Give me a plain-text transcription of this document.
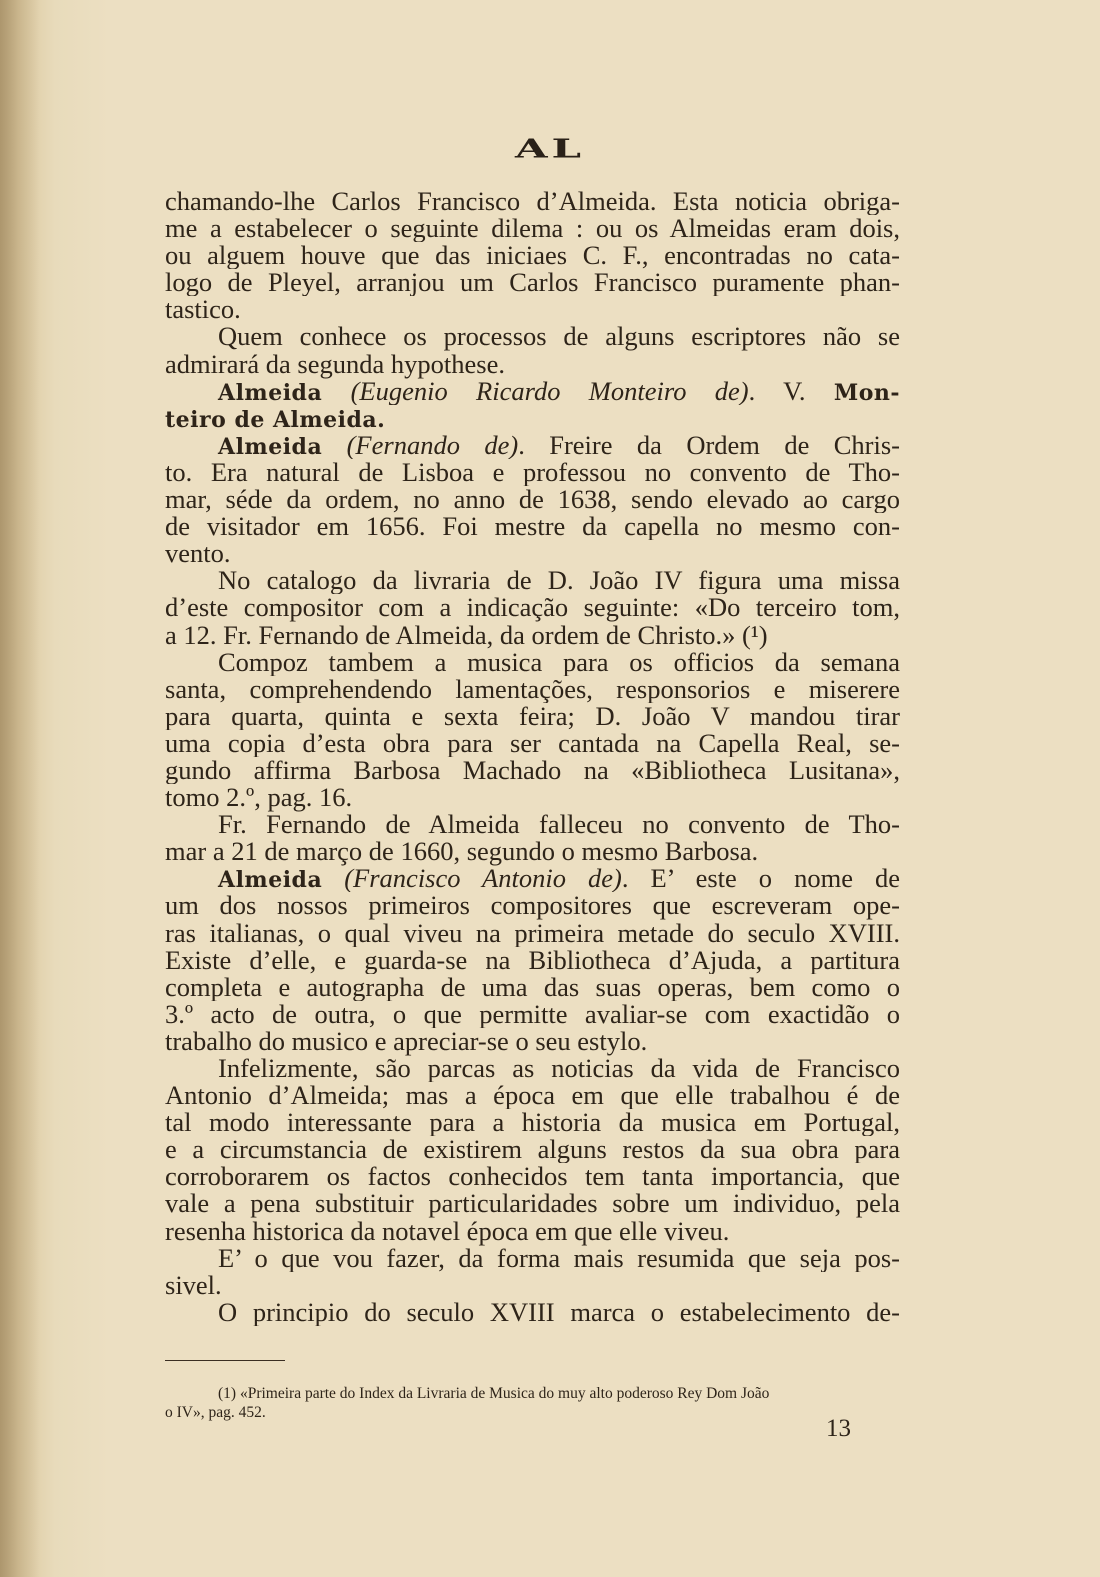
AL
chamando-lhe Carlos Francisco d’Almeida. Esta noticia obriga-
me a estabelecer o seguinte dilema : ou os Almeidas eram dois,
ou alguem houve que das iniciaes C. F., encontradas no cata-
logo de Pleyel, arranjou um Carlos Francisco puramente phan-
tastico.
Quem conhece os processos de alguns escriptores não se
admirará da segunda hypothese.
Almeida (Eugenio Ricardo Monteiro de). V. Mon-
teiro de Almeida.
Almeida (Fernando de). Freire da Ordem de Chris-
to. Era natural de Lisboa e professou no convento de Tho-
mar, séde da ordem, no anno de 1638, sendo elevado ao cargo
de visitador em 1656. Foi mestre da capella no mesmo con-
vento.
No catalogo da livraria de D. João IV figura uma missa
d’este compositor com a indicação seguinte: «Do terceiro tom,
a 12. Fr. Fernando de Almeida, da ordem de Christo.» (¹)
Compoz tambem a musica para os officios da semana
santa, comprehendendo lamentações, responsorios e miserere
para quarta, quinta e sexta feira; D. João V mandou tirar
uma copia d’esta obra para ser cantada na Capella Real, se-
gundo affirma Barbosa Machado na «Bibliotheca Lusitana»,
tomo 2.º, pag. 16.
Fr. Fernando de Almeida falleceu no convento de Tho-
mar a 21 de março de 1660, segundo o mesmo Barbosa.
Almeida (Francisco Antonio de). E’ este o nome de
um dos nossos primeiros compositores que escreveram ope-
ras italianas, o qual viveu na primeira metade do seculo XVIII.
Existe d’elle, e guarda-se na Bibliotheca d’Ajuda, a partitura
completa e autographa de uma das suas operas, bem como o
3.º acto de outra, o que permitte avaliar-se com exactidão o
trabalho do musico e apreciar-se o seu estylo.
Infelizmente, são parcas as noticias da vida de Francisco
Antonio d’Almeida; mas a época em que elle trabalhou é de
tal modo interessante para a historia da musica em Portugal,
e a circumstancia de existirem alguns restos da sua obra para
corroborarem os factos conhecidos tem tanta importancia, que
vale a pena substituir particularidades sobre um individuo, pela
resenha historica da notavel época em que elle viveu.
E’ o que vou fazer, da forma mais resumida que seja pos-
sivel.
O principio do seculo XVIII marca o estabelecimento de-
(1) «Primeira parte do Index da Livraria de Musica do muy alto poderoso Rey Dom João
o IV», pag. 452.
13
